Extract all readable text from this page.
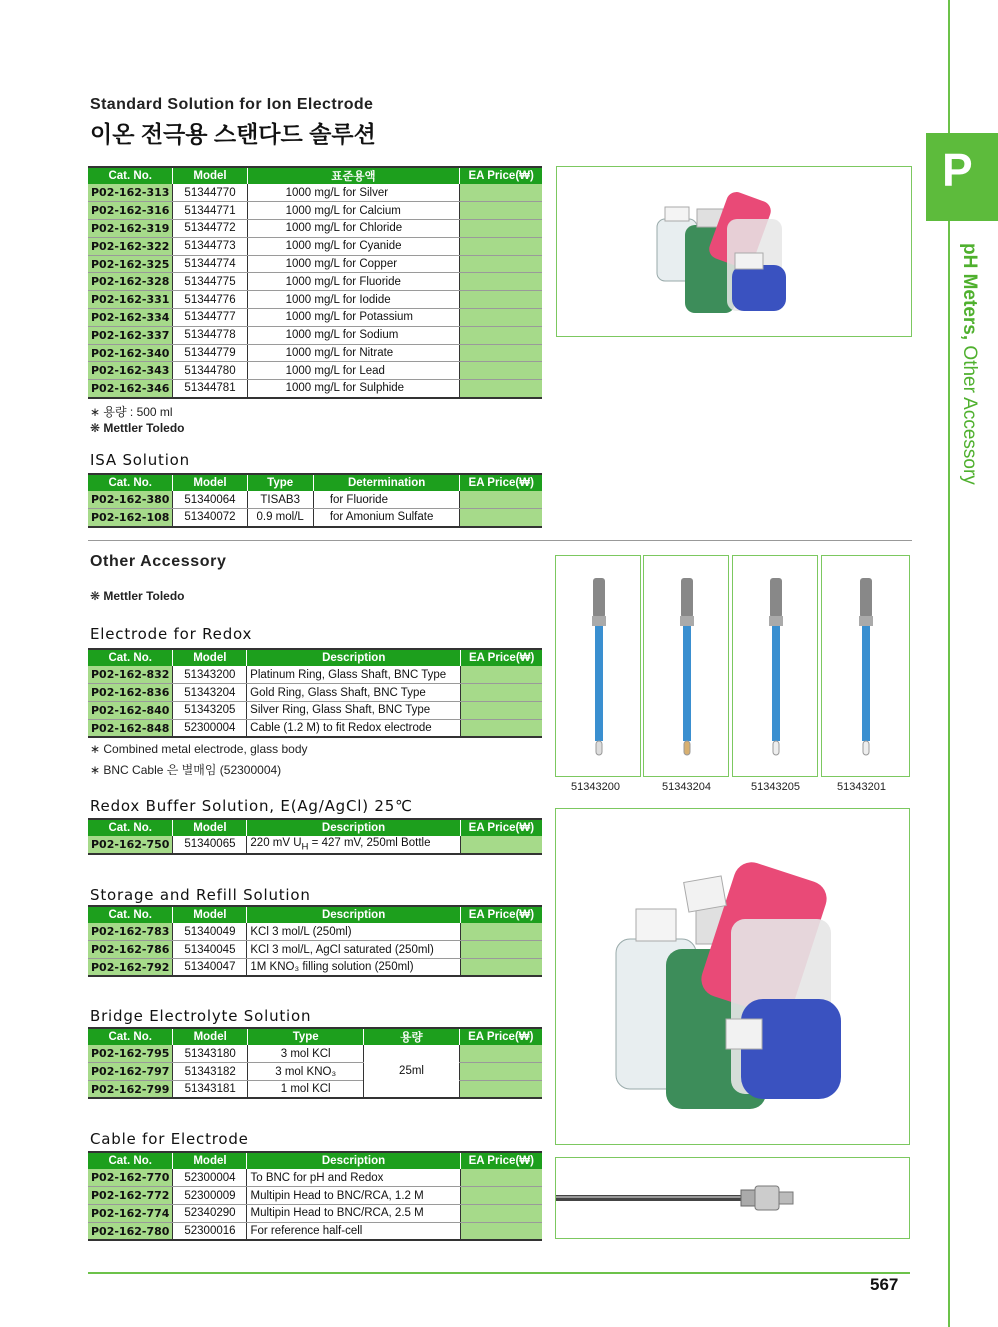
P
pH Meters, Other Accessory
Standard Solution for Ion Electrode
이온 전극용 스탠다드 솔루션
Cat. No.	Model	표준용액	EA Price(₩)
P02-162-313	51344770	1000 mg/L for Silver	
P02-162-316	51344771	1000 mg/L for Calcium	
P02-162-319	51344772	1000 mg/L for Chloride	
P02-162-322	51344773	1000 mg/L for Cyanide	
P02-162-325	51344774	1000 mg/L for Copper	
P02-162-328	51344775	1000 mg/L for Fluoride	
P02-162-331	51344776	1000 mg/L for Iodide	
P02-162-334	51344777	1000 mg/L for Potassium	
P02-162-337	51344778	1000 mg/L for Sodium	
P02-162-340	51344779	1000 mg/L for Nitrate	
P02-162-343	51344780	1000 mg/L for Lead	
P02-162-346	51344781	1000 mg/L for Sulphide	
∗ 용량 : 500 ml
❋ Mettler Toledo
ISA Solution
Cat. No.	Model	Type	Determination	EA Price(₩)
P02-162-380	51340064	TISAB3	for Fluoride	
P02-162-108	51340072	0.9 mol/L	for Amonium Sulfate	
Other Accessory
❋ Mettler Toledo
Electrode for Redox
Cat. No.	Model	Description	EA Price(₩)
P02-162-832	51343200	Platinum Ring, Glass Shaft, BNC Type	
P02-162-836	51343204	Gold Ring, Glass Shaft, BNC Type	
P02-162-840	51343205	Silver Ring, Glass Shaft, BNC Type	
P02-162-848	52300004	Cable (1.2 M) to fit Redox electrode	
∗ Combined metal electrode, glass body
∗ BNC Cable 은 별매임 (52300004)
51343200	51343204	51343205	51343201
Redox Buffer Solution, E(Ag/AgCl) 25℃
Cat. No.	Model	Description	EA Price(₩)
P02-162-750	51340065	220 mV $U_H = 427$ mV, 250ml Bottle	
Storage and Refill Solution
Cat. No.	Model	Description	EA Price(₩)
P02-162-783	51340049	KCl 3 mol/L (250ml)	
P02-162-786	51340045	KCl 3 mol/L, AgCl saturated (250ml)	
P02-162-792	51340047	1M KNO₃ filling solution (250ml)	
Bridge Electrolyte Solution
Cat. No.	Model	Type	용량	EA Price(₩)
P02-162-795	51343180	3 mol KCl	25ml	
P02-162-797	51343182	3 mol KNO₃		
P02-162-799	51343181	1 mol KCl		
Cable for Electrode
Cat. No.	Model	Description	EA Price(₩)
P02-162-770	52300004	To BNC for pH and Redox	
P02-162-772	52300009	Multipin Head to BNC/RCA, 1.2 M	
P02-162-774	52340290	Multipin Head to BNC/RCA, 2.5 M	
P02-162-780	52300016	For reference half-cell	
567
